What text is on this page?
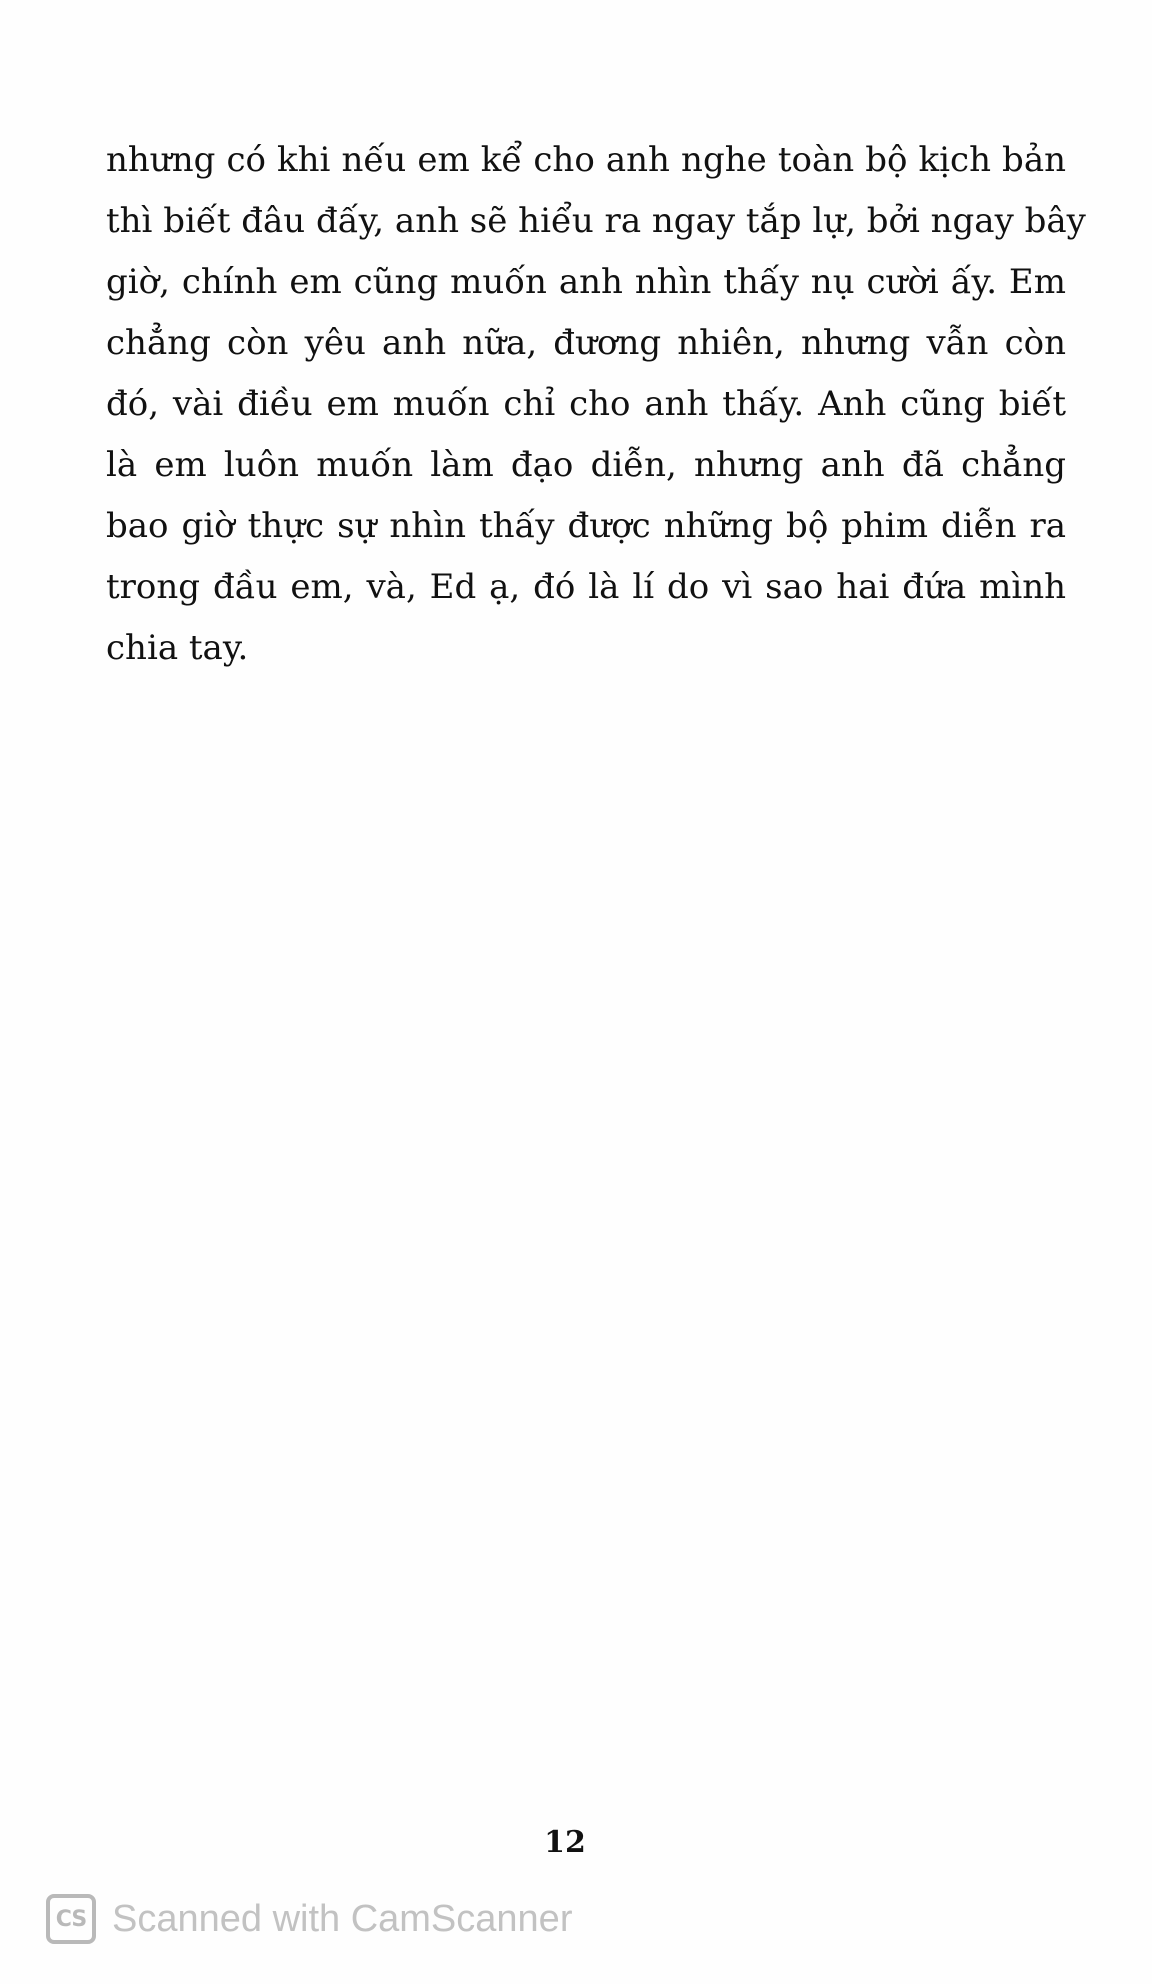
nhưng có khi nếu em kể cho anh nghe toàn bộ kịch bản
thì biết đâu đấy, anh sẽ hiểu ra ngay tắp lự, bởi ngay bây
giờ, chính em cũng muốn anh nhìn thấy nụ cười ấy. Em
chẳng còn yêu anh nữa, đương nhiên, nhưng vẫn còn
đó, vài điều em muốn chỉ cho anh thấy. Anh cũng biết
là em luôn muốn làm đạo diễn, nhưng anh đã chẳng
bao giờ thực sự nhìn thấy được những bộ phim diễn ra
trong đầu em, và, Ed ạ, đó là lí do vì sao hai đứa mình
chia tay.
12
CS Scanned with CamScanner
